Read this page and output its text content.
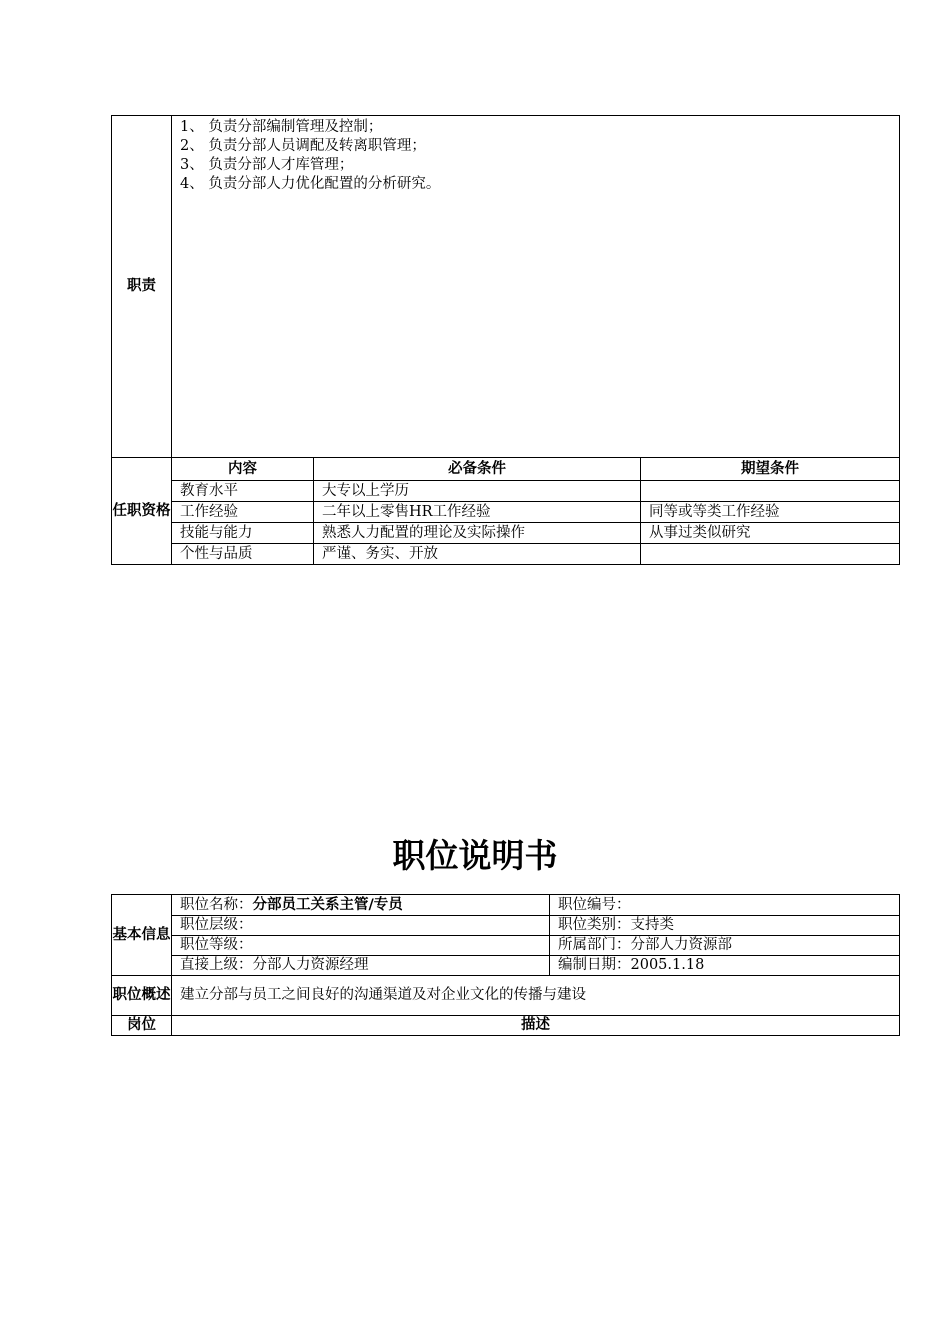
职责	1、 负责分部编制管理及控制；
2、 负责分部人员调配及转离职管理；
3、 负责分部人才库管理；
4、 负责分部人力优化配置的分析研究。		

任职资格	内容	必备条件	期望条件
	教育水平	大专以上学历	
	工作经验	二年以上零售HR工作经验	同等或等类工作经验
	技能与能力	熟悉人力配置的理论及实际操作	从事过类似研究
	个性与品质	严谨、务实、开放	
职位说明书
基本信息	职位名称：分部员工关系主管/专员	职位编号：
	职位层级：	职位类别：支持类
	职位等级：	所属部门：分部人力资源部
	直接上级：分部人力资源经理	编制日期：2005.1.18
职位概述	建立分部与员工之间良好的沟通渠道及对企业文化的传播与建设	
岗位	描述	
